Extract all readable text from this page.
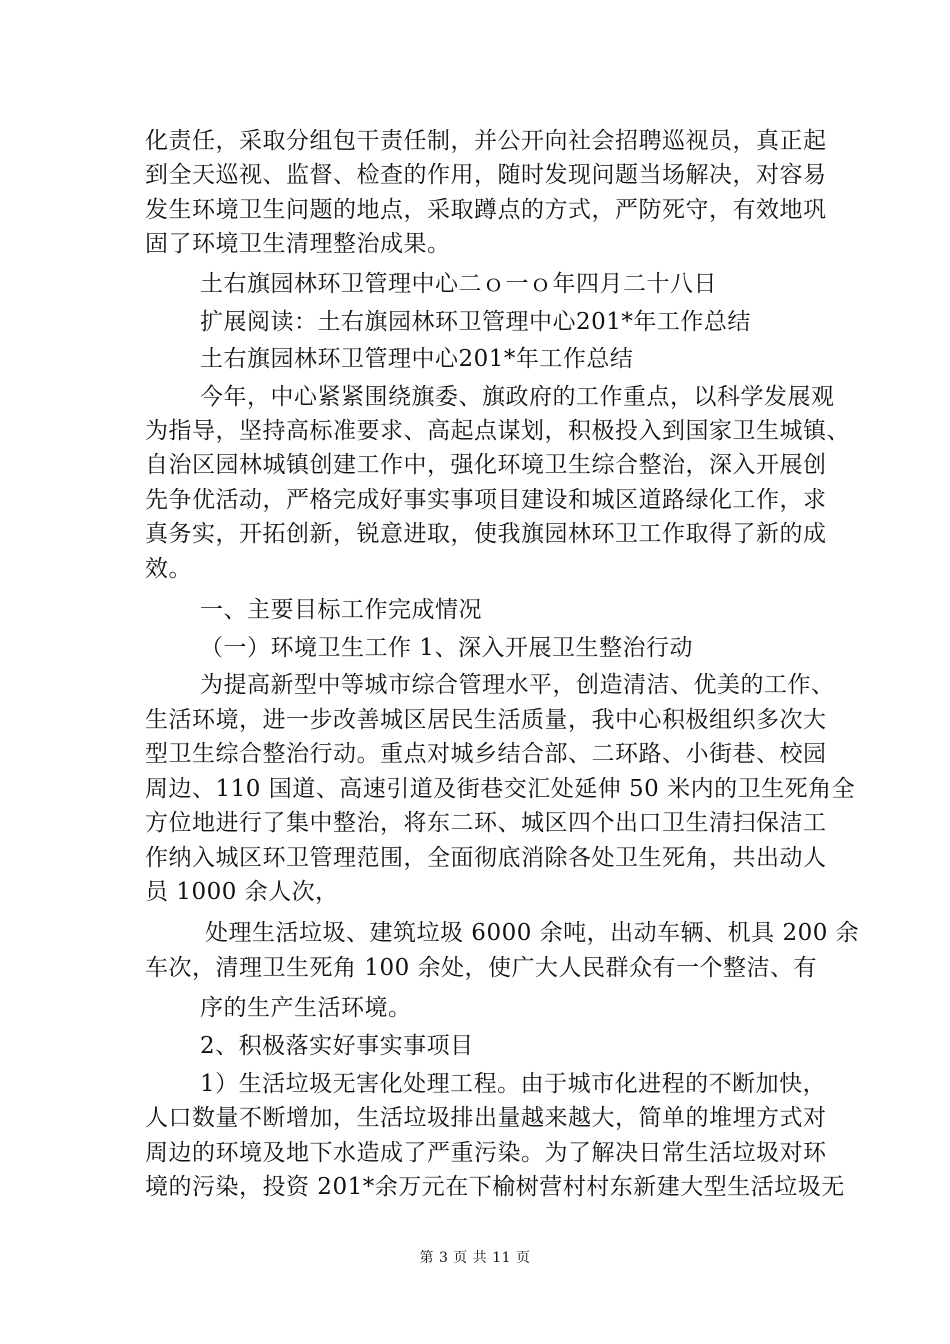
化责任，采取分组包干责任制，并公开向社会招聘巡视员，真正起

到全天巡视、监督、检查的作用，随时发现问题当场解决，对容易

发生环境卫生问题的地点，采取蹲点的方式，严防死守，有效地巩

固了环境卫生清理整治成果。

土右旗园林环卫管理中心二ｏ一ｏ年四月二十八日

扩展阅读：土右旗园林环卫管理中心201*年工作总结

土右旗园林环卫管理中心201*年工作总结

今年，中心紧紧围绕旗委、旗政府的工作重点，以科学发展观

为指导，坚持高标准要求、高起点谋划，积极投入到国家卫生城镇、

自治区园林城镇创建工作中，强化环境卫生综合整治，深入开展创

先争优活动，严格完成好事实事项目建设和城区道路绿化工作，求

真务实，开拓创新，锐意进取，使我旗园林环卫工作取得了新的成

效。

一、主要目标工作完成情况

（一）环境卫生工作 1、深入开展卫生整治行动

为提高新型中等城市综合管理水平，创造清洁、优美的工作、

生活环境，进一步改善城区居民生活质量，我中心积极组织多次大

型卫生综合整治行动。重点对城乡结合部、二环路、小街巷、校园

周边、110 国道、高速引道及街巷交汇处延伸 50 米内的卫生死角全

方位地进行了集中整治，将东二环、城区四个出口卫生清扫保洁工

作纳入城区环卫管理范围，全面彻底消除各处卫生死角，共出动人

员 1000 余人次，

处理生活垃圾、建筑垃圾 6000 余吨，出动车辆、机具 200 余

车次，清理卫生死角 100 余处，使广大人民群众有一个整洁、有

序的生产生活环境。

2、积极落实好事实事项目

1）生活垃圾无害化处理工程。由于城市化进程的不断加快，

人口数量不断增加，生活垃圾排出量越来越大，简单的堆埋方式对

周边的环境及地下水造成了严重污染。为了解决日常生活垃圾对环

境的污染，投资 201*余万元在下榆树营村村东新建大型生活垃圾无

第 3 页 共 11 页
